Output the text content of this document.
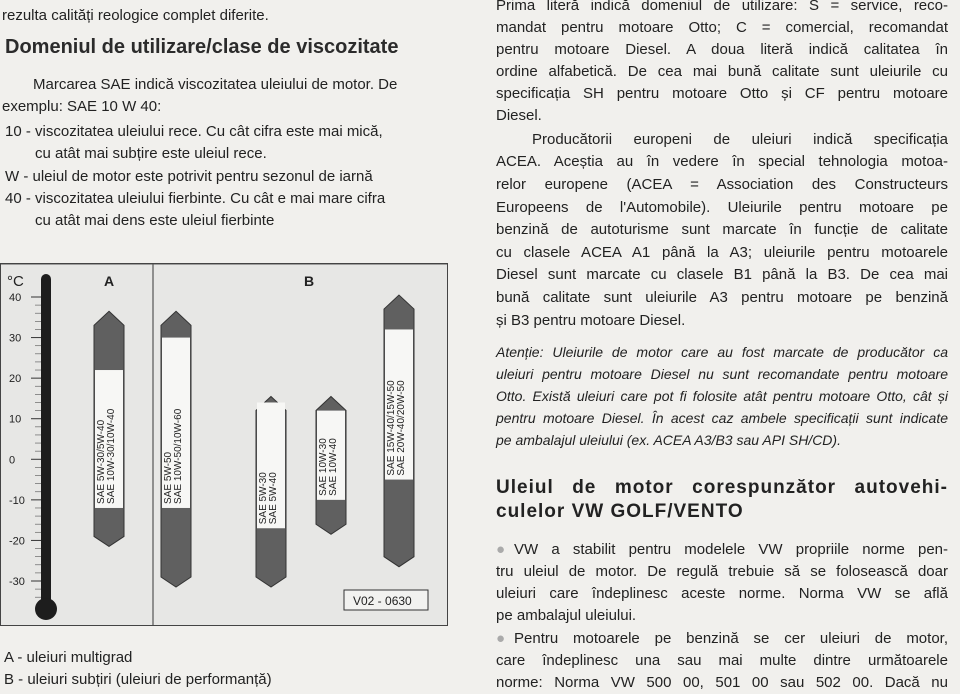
rezulta calități reologice complet diferite.

Domeniul de utilizare/clase de viscozitate

Marcarea SAE indică viscozitatea uleiului de motor. De

exemplu: SAE 10 W 40:

10 - viscozitatea uleiului rece. Cu cât cifra este mai mică,

cu atât mai subțire este uleiul rece.

W - uleiul de motor este potrivit pentru sezonul de iarnă

40 - viscozitatea uleiului fierbinte. Cu cât e mai mare cifra

cu atât mai dens este uleiul fierbinte

°C	A	B
40
30
20
10
0
-10
-20
-30
SAE 5W-30/5W-40 SAE 10W-30/10W-40	SAE 5W-50 SAE 10W-50/10W-60	SAE 5W-30 SAE 5W-40
SAE 10W-30 SAE 10W-40	SAE 15W-40/15W-50 SAE 20W-40/20W-50
V02 - 0630

A - uleiuri multigrad

B - uleiuri subțiri (uleiuri de performanță)

Prima literă indică domeniul de utilizare: S = service, reco-

mandat pentru motoare Otto; C = comercial, recomandat

pentru motoare Diesel. A doua literă indică calitatea în

ordine alfabetică. De cea mai bună calitate sunt uleiurile cu

specificația SH pentru motoare Otto și CF pentru motoare

Diesel.

Producătorii europeni de uleiuri indică specificația

ACEA. Aceștia au în vedere în special tehnologia motoa-

relor europene (ACEA = Association des Constructeurs

Europeens de l'Automobile). Uleiurile pentru motoare pe

benzină de autoturisme sunt marcate în funcție de calitate

cu clasele ACEA A1 până la A3; uleiurile pentru motoarele

Diesel sunt marcate cu clasele B1 până la B3. De cea mai

bună calitate sunt uleiurile A3 pentru motoare pe benzină

și B3 pentru motoare Diesel.

Atenție: Uleiurile de motor care au fost marcate de producător ca

uleiuri pentru motoare Diesel nu sunt recomandate pentru motoare

Otto. Există uleiuri care pot fi folosite atât pentru motoare Otto, cât și

pentru motoare Diesel. În acest caz ambele specificații sunt indicate

pe ambalajul uleiului (ex. ACEA A3/B3 sau API SH/CD).

Uleiul de motor corespunzător autovehi-

culelor VW GOLF/VENTO

● VW a stabilit pentru modelele VW propriile norme pen-

tru uleiul de motor. De regulă trebuie să se folosească doar

uleiuri care îndeplinesc aceste norme. Norma VW se află

pe ambalajul uleiului.

● Pentru motoarele pe benzină se cer uleiuri de motor,

care îndeplinesc una sau mai multe dintre următoarele

norme: Norma VW 500 00, 501 00 sau 502 00. Dacă nu
